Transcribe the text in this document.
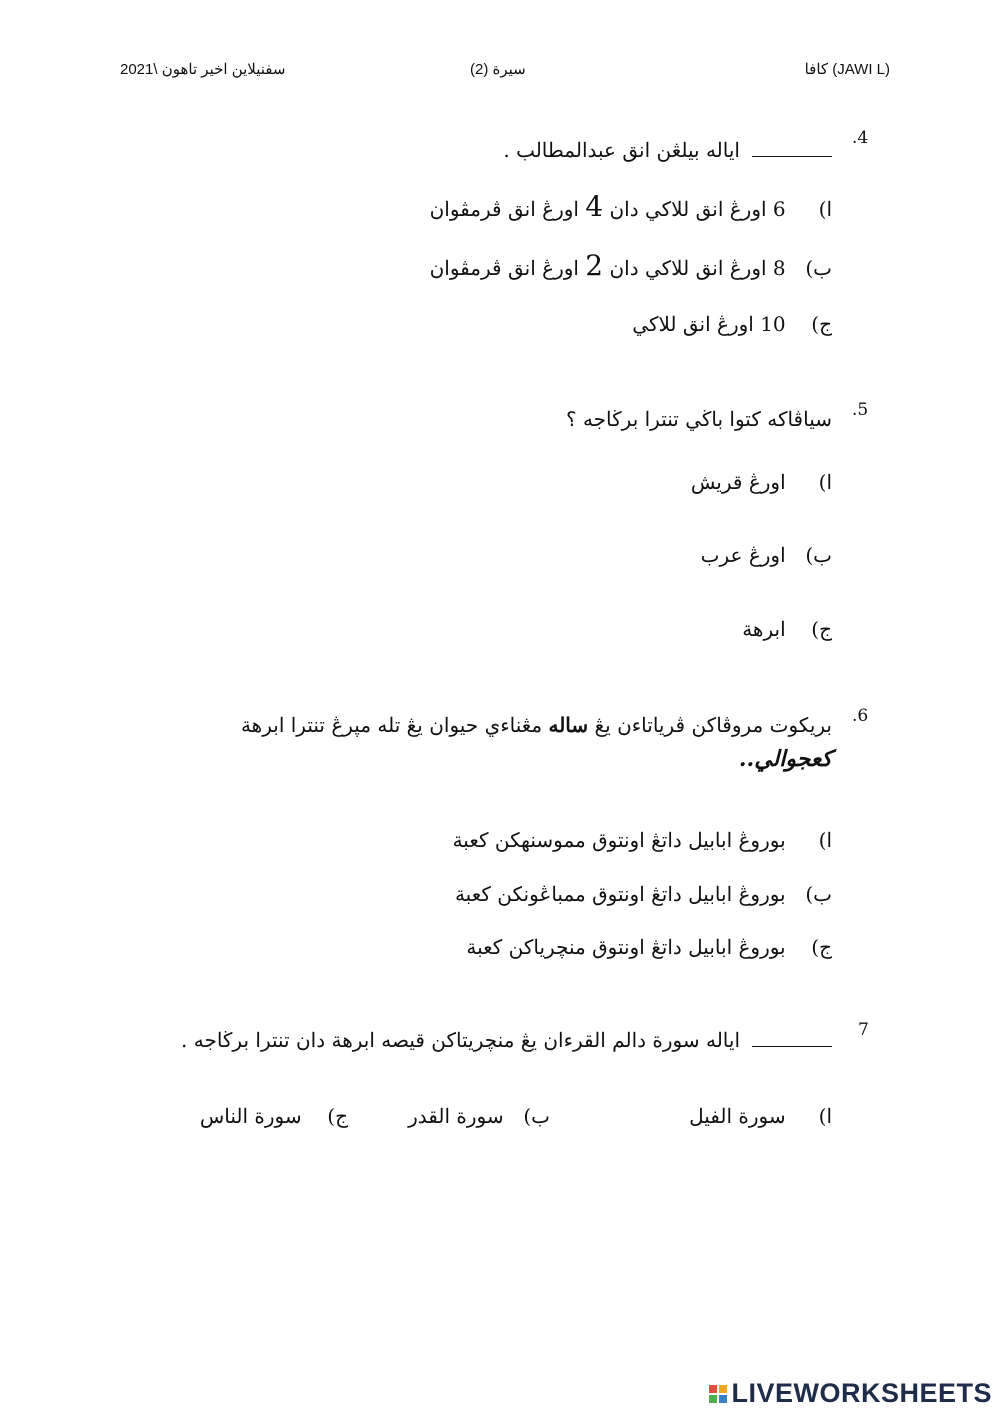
سفنيلاين اخير تاهون \2021	سيرة (2)	كافا (JAWI L)
.4
اياله بيلڠن انق عبدالمطالب .
ا) 6 اورڠ انق للاكي دان 4 اورڠ انق ڤرمڤوان
ب) 8 اورڠ انق للاكي دان 2 اورڠ انق ڤرمڤوان
ج) 10 اورڠ انق للاكي
.5
سياڤاكه كتوا باڬي تنترا برڬاجه ؟
ا) اورڠ قريش
ب) اورڠ عرب
ج) ابرهة
.6
بريكوت مروڤاكن ڤرياتاءن يڠ ساله مڠناءي حيوان يڠ تله مڽرڠ تنترا ابرهة
كعجوالي..
ا) بوروڠ ابابيل داتڠ اونتوق مموسنهكن كعبة
ب) بوروڠ ابابيل داتڠ اونتوق ممباڠونكن كعبة
ج) بوروڠ ابابيل داتڠ اونتوق منچرياكن كعبة
7
اياله سورة دالم القرءان يڠ منچريتاكن قيصه ابرهة دان تنترا برڬاجه .
ا) سورة الفيل
ب) سورة القدر
ج) سورة الناس
LIVEWORKSHEETS
